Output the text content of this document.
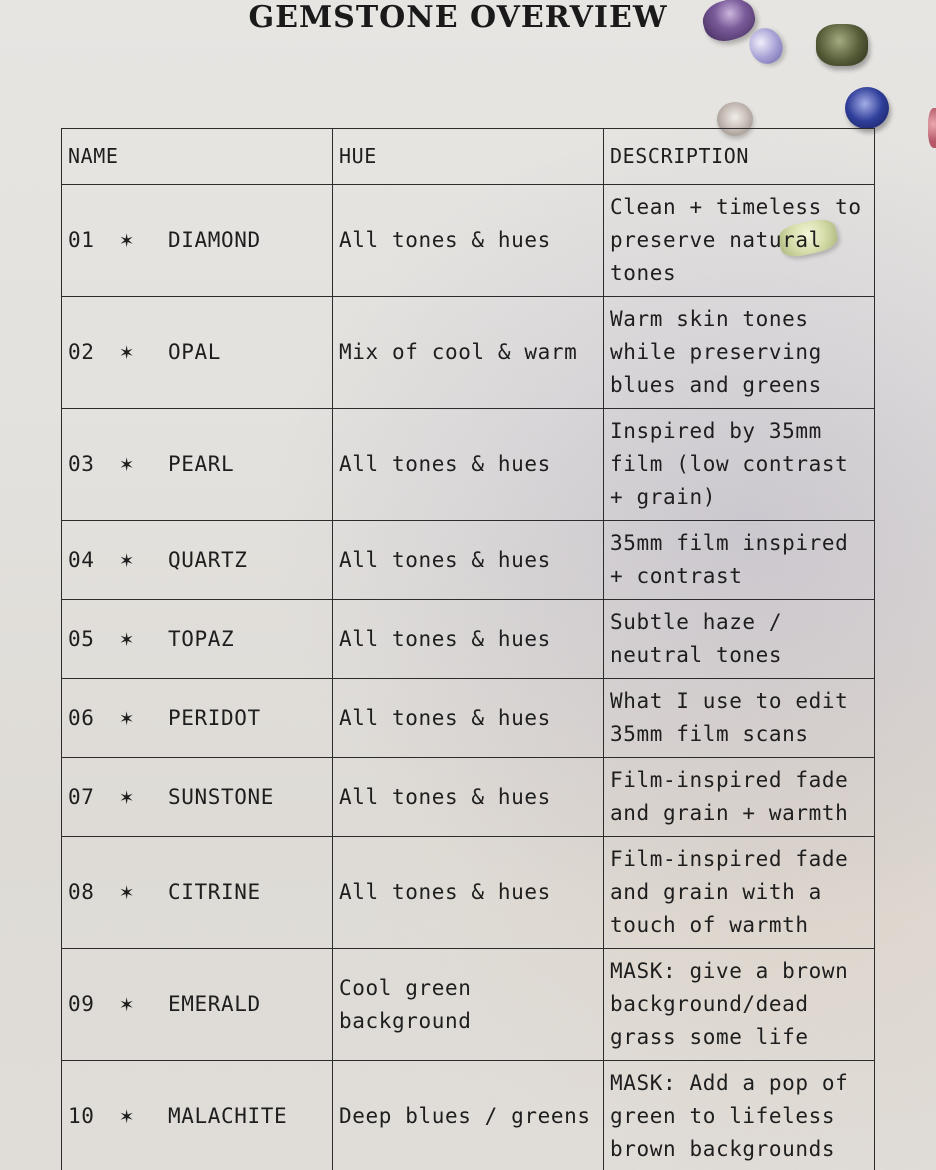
GEMSTONE OVERVIEW
NAME	HUE	DESCRIPTION

01 ✶ DIAMOND	All tones & hues	Clean + timeless to preserve natural tones

02 ✶ OPAL	Mix of cool & warm	Warm skin tones while preserving blues and greens

03 ✶ PEARL	All tones & hues	Inspired by 35mm film (low contrast + grain)

04 ✶ QUARTZ	All tones & hues	35mm film inspired + contrast

05 ✶ TOPAZ	All tones & hues	Subtle haze / neutral tones

06 ✶ PERIDOT	All tones & hues	What I use to edit 35mm film scans

07 ✶ SUNSTONE	All tones & hues	Film-inspired fade and grain + warmth

08 ✶ CITRINE	All tones & hues	Film-inspired fade and grain with a touch of warmth

09 ✶ EMERALD	Cool green background	MASK: give a brown background/dead grass some life

10 ✶ MALACHITE	Deep blues / greens	MASK: Add a pop of green to lifeless brown backgrounds
